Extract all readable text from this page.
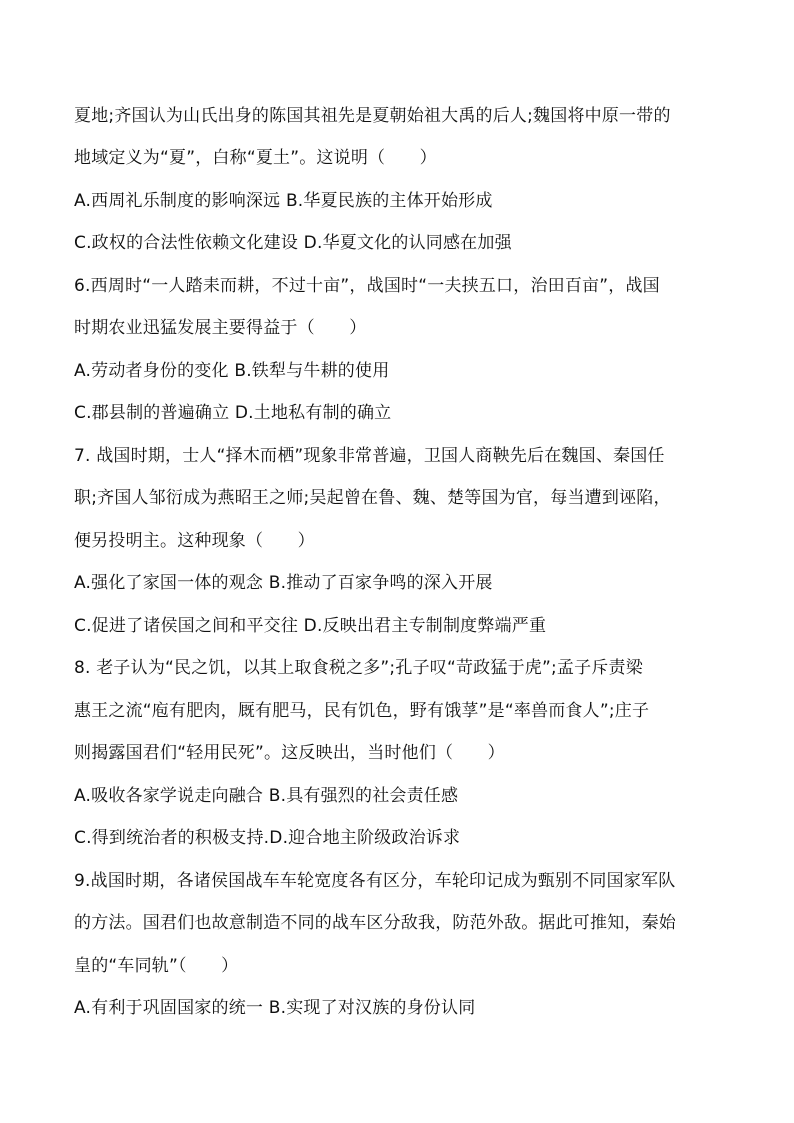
夏地;齐国认为山氏出身的陈国其祖先是夏朝始祖大禹的后人;魏国将中原一带的
地域定义为“夏”，白称“夏土”。这说明（　　）
A.西周礼乐制度的影响深远 B.华夏民族的主体开始形成
C.政权的合法性依赖文化建设 D.华夏文化的认同感在加强
6.西周时“一人踏耒而耕，不过十亩”，战国时“一夫挟五口，治田百亩”，战国
时期农业迅猛发展主要得益于（　　）
A.劳动者身份的变化 B.铁犁与牛耕的使用
C.郡县制的普遍确立 D.土地私有制的确立
7. 战国时期，士人“择木而栖”现象非常普遍，卫国人商鞅先后在魏国、秦国任
职;齐国人邹衍成为燕昭王之师;吴起曾在鲁、魏、楚等国为官，每当遭到诬陷，
便另投明主。这种现象（　　）
A.强化了家国一体的观念 B.推动了百家争鸣的深入开展
C.促进了诸侯国之间和平交往 D.反映出君主专制制度弊端严重
8. 老子认为“民之饥，以其上取食税之多”;孔子叹“苛政猛于虎”;孟子斥责梁
惠王之流“庖有肥肉，厩有肥马，民有饥色，野有饿莩”是“率兽而食人”;庄子
则揭露国君们“轻用民死”。这反映出，当时他们（　　）
A.吸收各家学说走向融合 B.具有强烈的社会责任感
C.得到统治者的积极支持.D.迎合地主阶级政治诉求
9.战国时期，各诸侯国战车车轮宽度各有区分，车轮印记成为甄别不同国家军队
的方法。国君们也故意制造不同的战车区分敌我，防范外敌。据此可推知，秦始
皇的“车同轨”（　　）
A.有利于巩固国家的统一 B.实现了对汉族的身份认同
